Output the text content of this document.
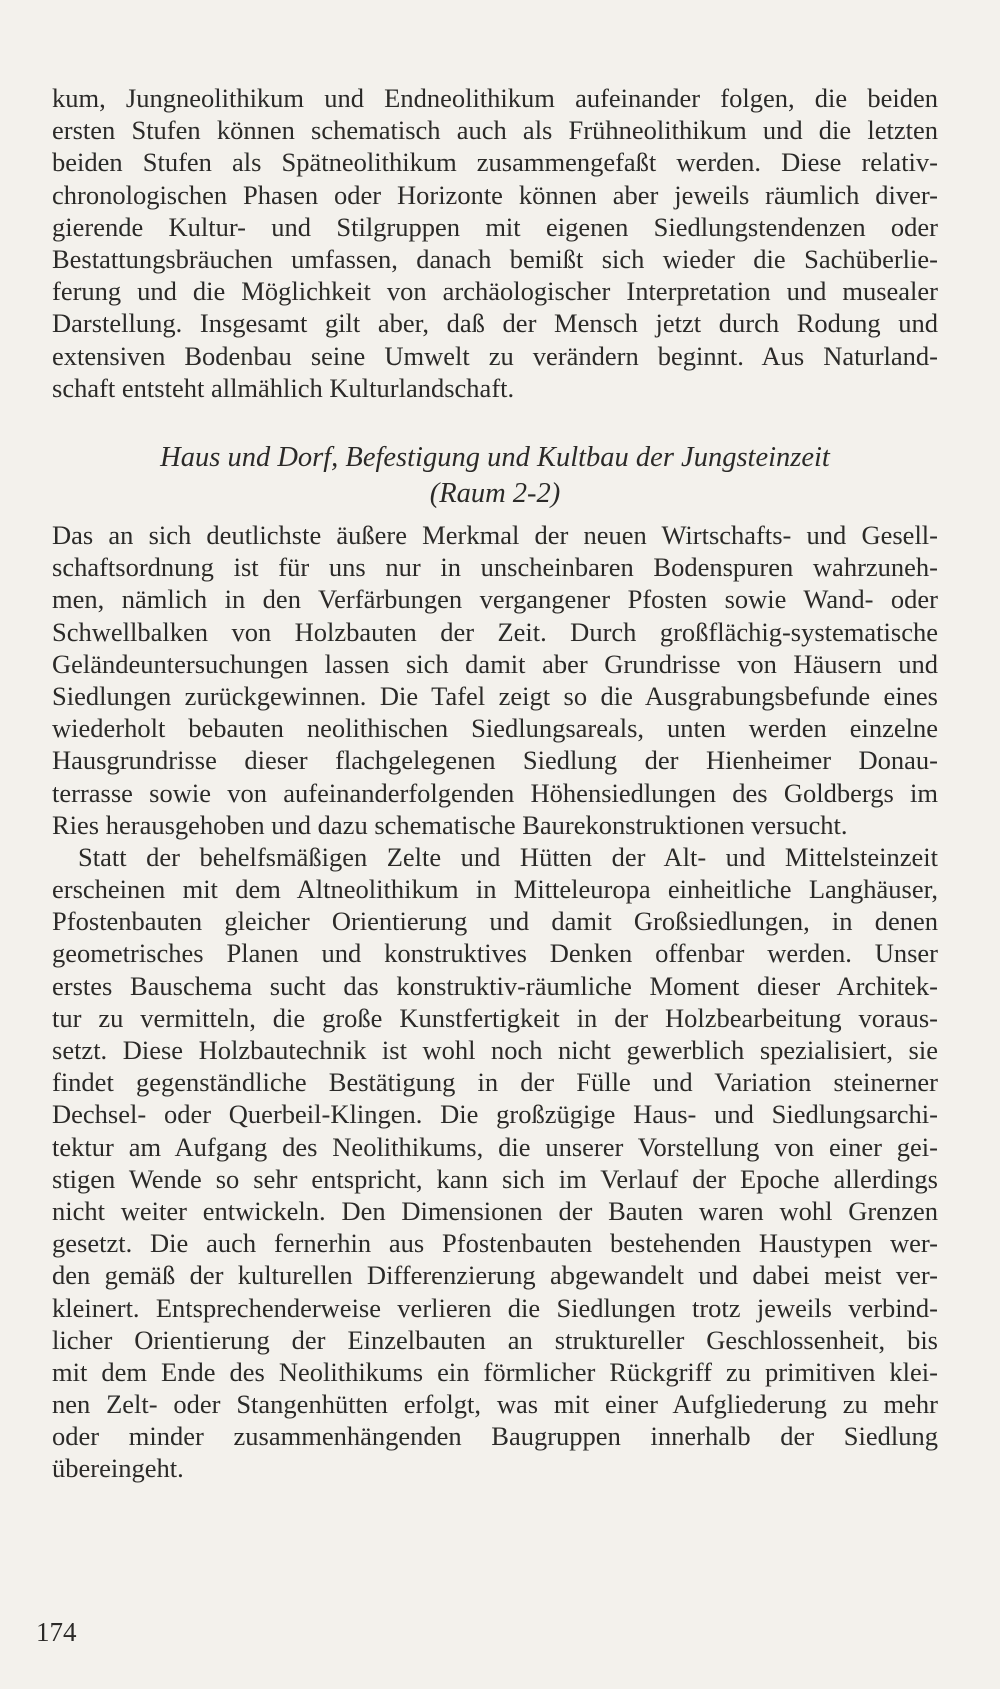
kum, Jungneolithikum und Endneolithikum aufeinander folgen, die beiden
ersten Stufen können schematisch auch als Frühneolithikum und die letzten
beiden Stufen als Spätneolithikum zusammengefaßt werden. Diese relativ-
chronologischen Phasen oder Horizonte können aber jeweils räumlich diver-
gierende Kultur- und Stilgruppen mit eigenen Siedlungstendenzen oder
Bestattungsbräuchen umfassen, danach bemißt sich wieder die Sachüberlie-
ferung und die Möglichkeit von archäologischer Interpretation und musealer
Darstellung. Insgesamt gilt aber, daß der Mensch jetzt durch Rodung und
extensiven Bodenbau seine Umwelt zu verändern beginnt. Aus Naturland-
schaft entsteht allmählich Kulturlandschaft.
Haus und Dorf, Befestigung und Kultbau der Jungsteinzeit
(Raum 2-2)
Das an sich deutlichste äußere Merkmal der neuen Wirtschafts- und Gesell-
schaftsordnung ist für uns nur in unscheinbaren Bodenspuren wahrzuneh-
men, nämlich in den Verfärbungen vergangener Pfosten sowie Wand- oder
Schwellbalken von Holzbauten der Zeit. Durch großflächig-systematische
Geländeuntersuchungen lassen sich damit aber Grundrisse von Häusern und
Siedlungen zurückgewinnen. Die Tafel zeigt so die Ausgrabungsbefunde eines
wiederholt bebauten neolithischen Siedlungsareals, unten werden einzelne
Hausgrundrisse dieser flachgelegenen Siedlung der Hienheimer Donau-
terrasse sowie von aufeinanderfolgenden Höhensiedlungen des Goldbergs im
Ries herausgehoben und dazu schematische Baurekonstruktionen versucht.
Statt der behelfsmäßigen Zelte und Hütten der Alt- und Mittelsteinzeit
erscheinen mit dem Altneolithikum in Mitteleuropa einheitliche Langhäuser,
Pfostenbauten gleicher Orientierung und damit Großsiedlungen, in denen
geometrisches Planen und konstruktives Denken offenbar werden. Unser
erstes Bauschema sucht das konstruktiv-räumliche Moment dieser Architek-
tur zu vermitteln, die große Kunstfertigkeit in der Holzbearbeitung voraus-
setzt. Diese Holzbautechnik ist wohl noch nicht gewerblich spezialisiert, sie
findet gegenständliche Bestätigung in der Fülle und Variation steinerner
Dechsel- oder Querbeil-Klingen. Die großzügige Haus- und Siedlungsarchi-
tektur am Aufgang des Neolithikums, die unserer Vorstellung von einer gei-
stigen Wende so sehr entspricht, kann sich im Verlauf der Epoche allerdings
nicht weiter entwickeln. Den Dimensionen der Bauten waren wohl Grenzen
gesetzt. Die auch fernerhin aus Pfostenbauten bestehenden Haustypen wer-
den gemäß der kulturellen Differenzierung abgewandelt und dabei meist ver-
kleinert. Entsprechenderweise verlieren die Siedlungen trotz jeweils verbind-
licher Orientierung der Einzelbauten an struktureller Geschlossenheit, bis
mit dem Ende des Neolithikums ein förmlicher Rückgriff zu primitiven klei-
nen Zelt- oder Stangenhütten erfolgt, was mit einer Aufgliederung zu mehr
oder minder zusammenhängenden Baugruppen innerhalb der Siedlung
übereingeht.
174
